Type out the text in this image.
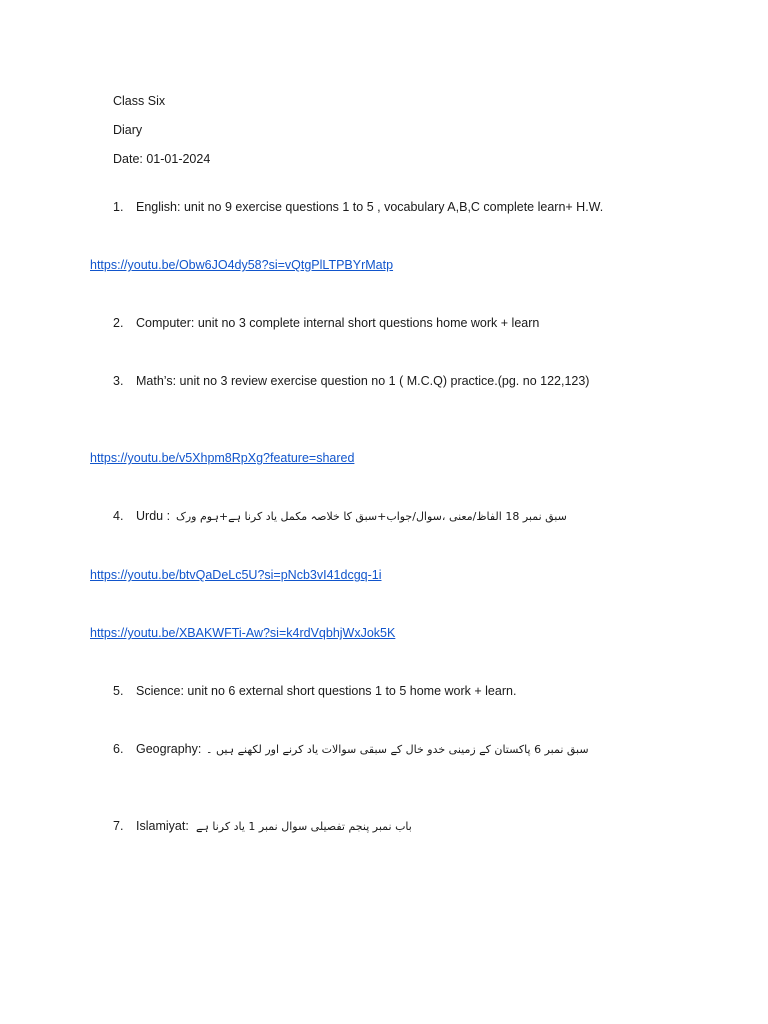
Class Six
Diary
Date: 01-01-2024
1. English: unit no 9 exercise questions 1 to 5 , vocabulary A,B,C complete learn+ H.W.
https://youtu.be/Obw6JO4dy58?si=vQtgPlLTPBYrMatp
2. Computer: unit no 3 complete internal short questions home work + learn
3. Math’s: unit no 3 review exercise question no 1 ( M.C.Q) practice.(pg. no 122,123)
https://youtu.be/v5Xhpm8RpXg?feature=shared
4. Urdu : سبق نمبر 18 الفاظ/معنی ،سوال/جواب+سبق کا خلاصہ مکمل یاد کرنا ہے+ہوم ورک
https://youtu.be/btvQaDeLc5U?si=pNcb3vI41dcgq-1i
https://youtu.be/XBAKWFTi-Aw?si=k4rdVqbhjWxJok5K
5. Science: unit no 6 external short questions 1 to 5 home work + learn.
6. Geography: سبق نمبر 6 پاکستان کے زمینی خدو خال کے سبقی سوالات یاد کرنے اور لکھنے ہیں ۔
7. Islamiyat: باب نمبر پنجم تفصیلی سوال نمبر 1 یاد کرنا ہے
